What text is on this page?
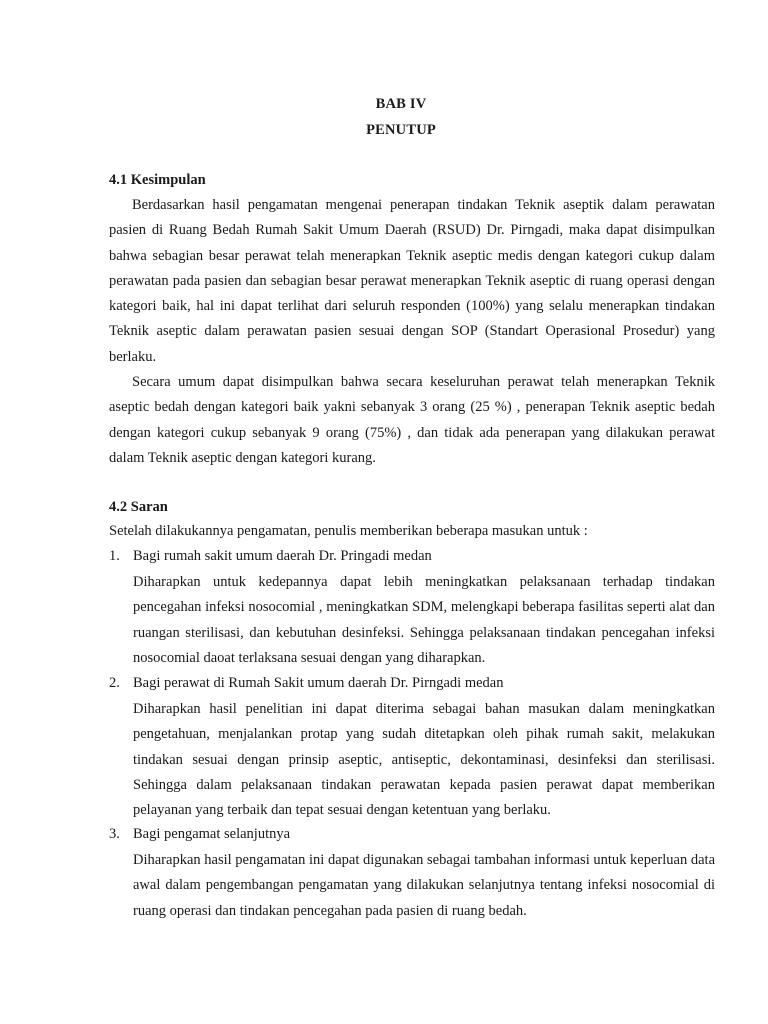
BAB IV
PENUTUP
4.1 Kesimpulan

Berdasarkan hasil pengamatan mengenai penerapan tindakan Teknik aseptik dalam perawatan pasien di Ruang Bedah Rumah Sakit Umum Daerah (RSUD) Dr. Pirngadi, maka dapat disimpulkan bahwa sebagian besar perawat telah menerapkan Teknik aseptic medis dengan kategori cukup dalam perawatan pada pasien dan sebagian besar perawat menerapkan Teknik aseptic di ruang operasi dengan kategori baik, hal ini dapat terlihat dari seluruh responden (100%) yang selalu menerapkan tindakan Teknik aseptic dalam perawatan pasien sesuai dengan SOP (Standart Operasional Prosedur) yang berlaku.

Secara umum dapat disimpulkan bahwa secara keseluruhan perawat telah menerapkan Teknik aseptic bedah dengan kategori baik yakni sebanyak 3 orang (25 %) , penerapan Teknik aseptic bedah dengan kategori cukup sebanyak 9 orang (75%) , dan tidak ada penerapan yang dilakukan perawat dalam Teknik aseptic dengan kategori kurang.

4.2 Saran
Setelah dilakukannya pengamatan, penulis memberikan beberapa masukan untuk :
1. Bagi rumah sakit umum daerah Dr. Pringadi medan

Diharapkan untuk kedepannya dapat lebih meningkatkan pelaksanaan terhadap tindakan pencegahan infeksi nosocomial , meningkatkan SDM, melengkapi beberapa fasilitas seperti alat dan ruangan sterilisasi, dan kebutuhan desinfeksi. Sehingga pelaksanaan tindakan pencegahan infeksi nosocomial daoat terlaksana sesuai dengan yang diharapkan.

2. Bagi perawat di Rumah Sakit umum daerah Dr. Pirngadi medan

Diharapkan hasil penelitian ini dapat diterima sebagai bahan masukan dalam meningkatkan pengetahuan, menjalankan protap yang sudah ditetapkan oleh pihak rumah sakit, melakukan tindakan sesuai dengan prinsip aseptic, antiseptic, dekontaminasi, desinfeksi dan sterilisasi. Sehingga dalam pelaksanaan tindakan perawatan kepada pasien perawat dapat memberikan pelayanan yang terbaik dan tepat sesuai dengan ketentuan yang berlaku.

3. Bagi pengamat selanjutnya

Diharapkan hasil pengamatan ini dapat digunakan sebagai tambahan informasi untuk keperluan data awal dalam pengembangan pengamatan yang dilakukan selanjutnya tentang infeksi nosocomial di ruang operasi dan tindakan pencegahan pada pasien di ruang bedah.
